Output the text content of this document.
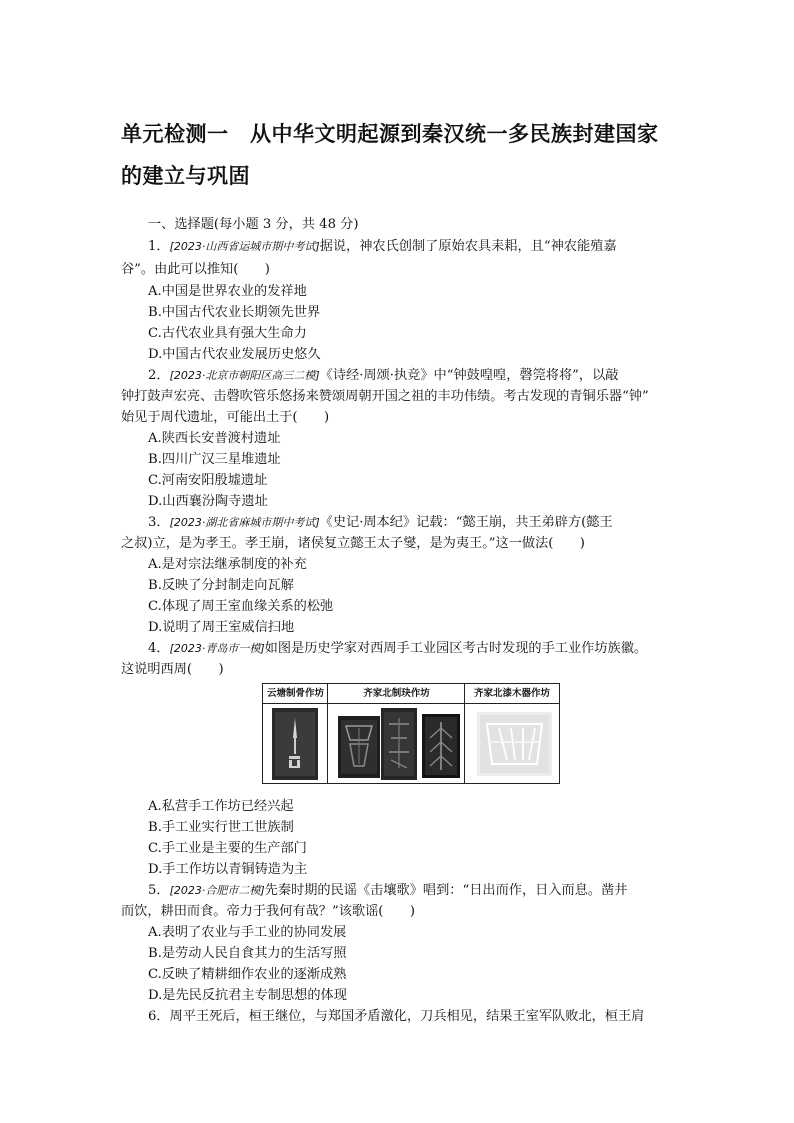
单元检测一　从中华文明起源到秦汉统一多民族封建国家
的建立与巩固
一、选择题(每小题 3 分，共 48 分)
1．[2023·山西省运城市期中考试]据说，神农氏创制了原始农具耒耜，且“神农能殖嘉
谷”。由此可以推知(　　)
A.中国是世界农业的发祥地
B.中国古代农业长期领先世界
C.古代农业具有强大生命力
D.中国古代农业发展历史悠久
2．[2023·北京市朝阳区高三二模]《诗经·周颂·执竞》中“钟鼓喤喤，磬筦将将”，以敲
钟打鼓声宏亮、击磬吹管乐悠扬来赞颂周朝开国之祖的丰功伟绩。考古发现的青铜乐器“钟”
始见于周代遗址，可能出土于(　　)
A.陕西长安普渡村遗址
B.四川广汉三星堆遗址
C.河南安阳殷墟遗址
D.山西襄汾陶寺遗址
3．[2023·湖北省麻城市期中考试]《史记·周本纪》记载：“懿王崩，共王弟辟方(懿王
之叔)立，是为孝王。孝王崩，诸侯复立懿王太子燮，是为夷王。”这一做法(　　)
A.是对宗法继承制度的补充
B.反映了分封制走向瓦解
C.体现了周王室血缘关系的松弛
D.说明了周王室威信扫地
4．[2023·青岛市一模]如图是历史学家对西周手工业园区考古时发现的手工业作坊族徽。
这说明西周(　　)
云塘制骨作坊	齐家北制玦作坊	齐家北漆木器作坊
A.私营手工作坊已经兴起
B.手工业实行世工世族制
C.手工业是主要的生产部门
D.手工作坊以青铜铸造为主
5．[2023·合肥市二模]先秦时期的民谣《击壤歌》唱到：“日出而作，日入而息。凿井
而饮，耕田而食。帝力于我何有哉？”该歌谣(　　)
A.表明了农业与手工业的协同发展
B.是劳动人民自食其力的生活写照
C.反映了精耕细作农业的逐渐成熟
D.是先民反抗君主专制思想的体现
6．周平王死后，桓王继位，与郑国矛盾激化，刀兵相见，结果王室军队败北，桓王肩
